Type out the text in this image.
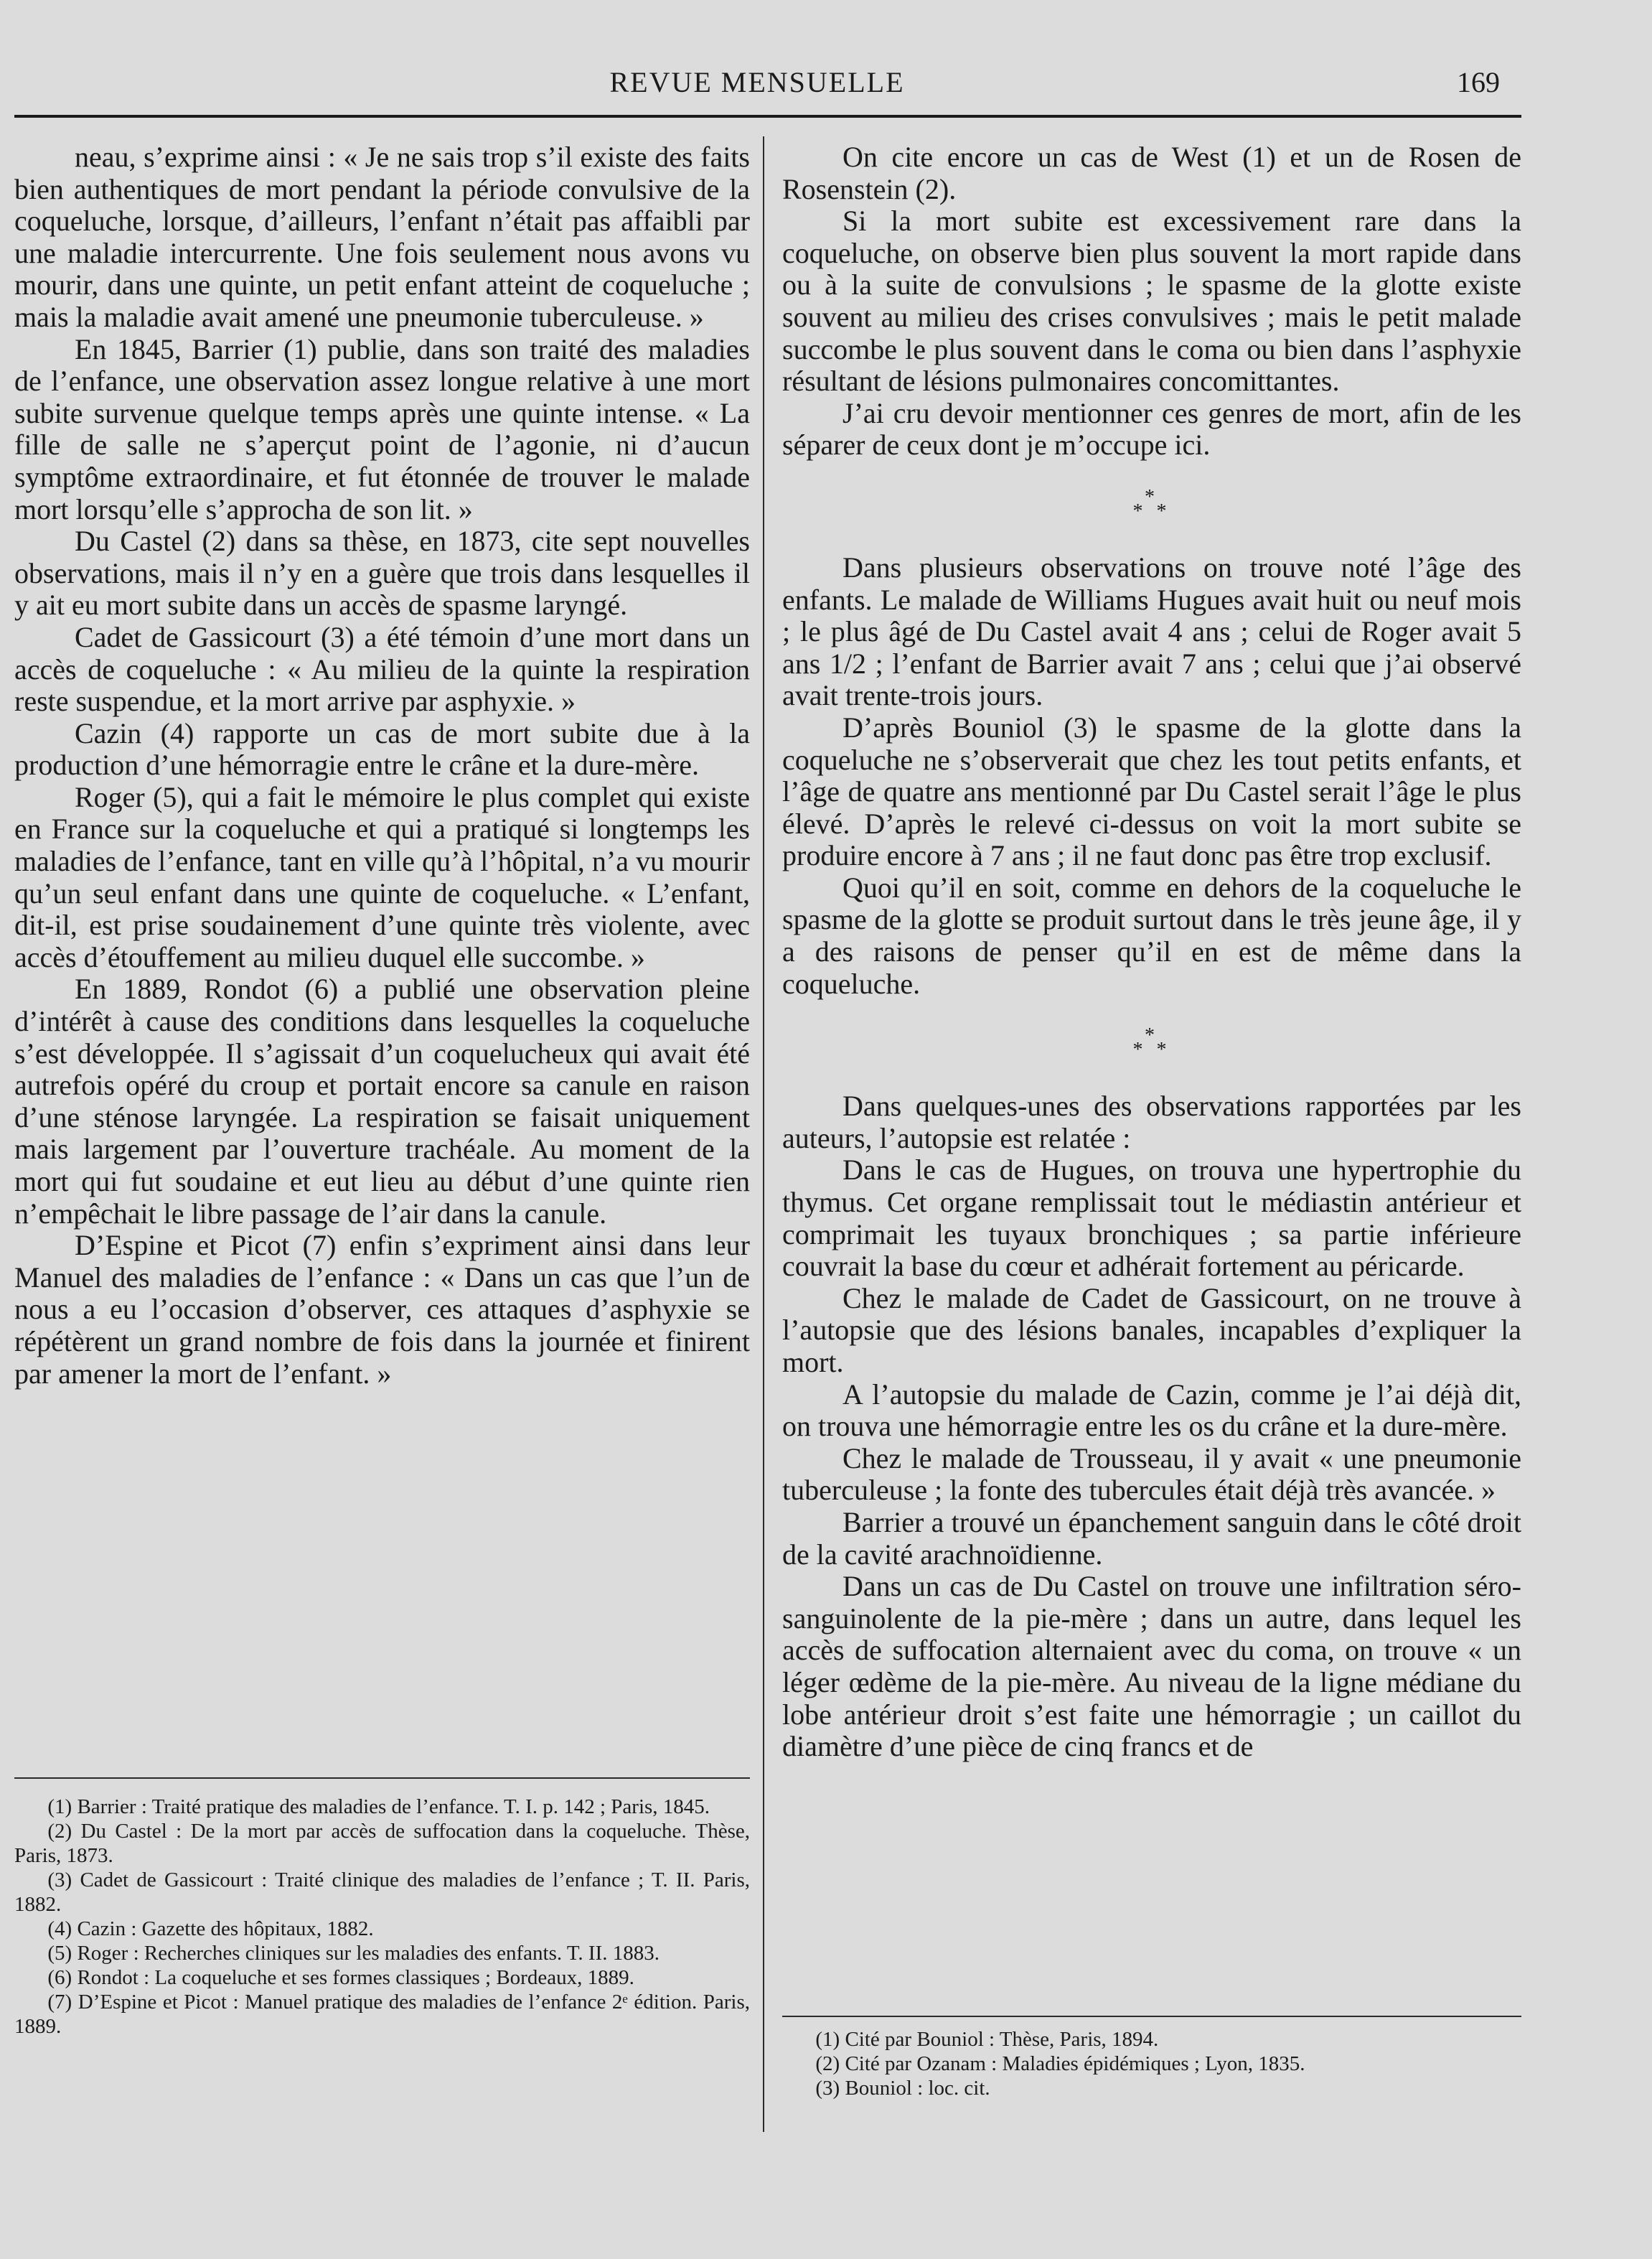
REVUE MENSUELLE	169

neau, s’exprime ainsi : « Je ne sais trop s’il existe des faits bien authentiques de mort pendant la période convulsive de la coqueluche, lorsque, d’ailleurs, l’enfant n’était pas affaibli par une maladie intercurrente. Une fois seulement nous avons vu mourir, dans une quinte, un petit enfant atteint de coqueluche ; mais la maladie avait amené une pneumonie tuberculeuse. »

En 1845, Barrier (1) publie, dans son traité des maladies de l’enfance, une observation assez longue relative à une mort subite survenue quelque temps après une quinte intense. « La fille de salle ne s’aperçut point de l’agonie, ni d’aucun symptôme extraordinaire, et fut étonnée de trouver le malade mort lorsqu’elle s’approcha de son lit. »

Du Castel (2) dans sa thèse, en 1873, cite sept nouvelles observations, mais il n’y en a guère que trois dans lesquelles il y ait eu mort subite dans un accès de spasme laryngé.

Cadet de Gassicourt (3) a été témoin d’une mort dans un accès de coqueluche : « Au milieu de la quinte la respiration reste suspendue, et la mort arrive par asphyxie. »

Cazin (4) rapporte un cas de mort subite due à la production d’une hémorragie entre le crâne et la dure-mère.

Roger (5), qui a fait le mémoire le plus complet qui existe en France sur la coqueluche et qui a pratiqué si longtemps les maladies de l’enfance, tant en ville qu’à l’hôpital, n’a vu mourir qu’un seul enfant dans une quinte de coqueluche. « L’enfant, dit-il, est prise soudainement d’une quinte très violente, avec accès d’étouffement au milieu duquel elle succombe. »

En 1889, Rondot (6) a publié une observation pleine d’intérêt à cause des conditions dans lesquelles la coqueluche s’est développée. Il s’agissait d’un coquelucheux qui avait été autrefois opéré du croup et portait encore sa canule en raison d’une sténose laryngée. La respiration se faisait uniquement mais largement par l’ouverture trachéale. Au moment de la mort qui fut soudaine et eut lieu au début d’une quinte rien n’empêchait le libre passage de l’air dans la canule.

D’Espine et Picot (7) enfin s’expriment ainsi dans leur Manuel des maladies de l’enfance : « Dans un cas que l’un de nous a eu l’occasion d’observer, ces attaques d’asphyxie se répétèrent un grand nombre de fois dans la journée et finirent par amener la mort de l’enfant. »

(1) Barrier : Traité pratique des maladies de l’enfance. T. I. p. 142 ; Paris, 1845.

(2) Du Castel : De la mort par accès de suffocation dans la coqueluche. Thèse, Paris, 1873.

(3) Cadet de Gassicourt : Traité clinique des maladies de l’enfance ; T. II. Paris, 1882.

(4) Cazin : Gazette des hôpitaux, 1882.

(5) Roger : Recherches cliniques sur les maladies des enfants. T. II. 1883.

(6) Rondot : La coqueluche et ses formes classiques ; Bordeaux, 1889.

(7) D’Espine et Picot : Manuel pratique des maladies de l’enfance 2ᵉ édition. Paris, 1889.

On cite encore un cas de West (1) et un de Rosen de Rosenstein (2).

Si la mort subite est excessivement rare dans la coqueluche, on observe bien plus souvent la mort rapide dans ou à la suite de convulsions ; le spasme de la glotte existe souvent au milieu des crises convulsives ; mais le petit malade succombe le plus souvent dans le coma ou bien dans l’asphyxie résultant de lésions pulmonaires concomittantes.

J’ai cru devoir mentionner ces genres de mort, afin de les séparer de ceux dont je m’occupe ici.

*
* *

Dans plusieurs observations on trouve noté l’âge des enfants. Le malade de Williams Hugues avait huit ou neuf mois ; le plus âgé de Du Castel avait 4 ans ; celui de Roger avait 5 ans 1/2 ; l’enfant de Barrier avait 7 ans ; celui que j’ai observé avait trente-trois jours.

D’après Bouniol (3) le spasme de la glotte dans la coqueluche ne s’observerait que chez les tout petits enfants, et l’âge de quatre ans mentionné par Du Castel serait l’âge le plus élevé. D’après le relevé ci-dessus on voit la mort subite se produire encore à 7 ans ; il ne faut donc pas être trop exclusif.

Quoi qu’il en soit, comme en dehors de la coqueluche le spasme de la glotte se produit surtout dans le très jeune âge, il y a des raisons de penser qu’il en est de même dans la coqueluche.

*
* *

Dans quelques-unes des observations rapportées par les auteurs, l’autopsie est relatée :

Dans le cas de Hugues, on trouva une hypertrophie du thymus. Cet organe remplissait tout le médiastin antérieur et comprimait les tuyaux bronchiques ; sa partie inférieure couvrait la base du cœur et adhérait fortement au péricarde.

Chez le malade de Cadet de Gassicourt, on ne trouve à l’autopsie que des lésions banales, incapables d’expliquer la mort.

A l’autopsie du malade de Cazin, comme je l’ai déjà dit, on trouva une hémorragie entre les os du crâne et la dure-mère.

Chez le malade de Trousseau, il y avait « une pneumonie tuberculeuse ; la fonte des tubercules était déjà très avancée. »

Barrier a trouvé un épanchement sanguin dans le côté droit de la cavité arachnoïdienne.

Dans un cas de Du Castel on trouve une infiltration séro-sanguinolente de la pie-mère ; dans un autre, dans lequel les accès de suffocation alternaient avec du coma, on trouve « un léger œdème de la pie-mère. Au niveau de la ligne médiane du lobe antérieur droit s’est faite une hémorragie ; un caillot du diamètre d’une pièce de cinq francs et de

(1) Cité par Bouniol : Thèse, Paris, 1894.

(2) Cité par Ozanam : Maladies épidémiques ; Lyon, 1835.

(3) Bouniol : loc. cit.
